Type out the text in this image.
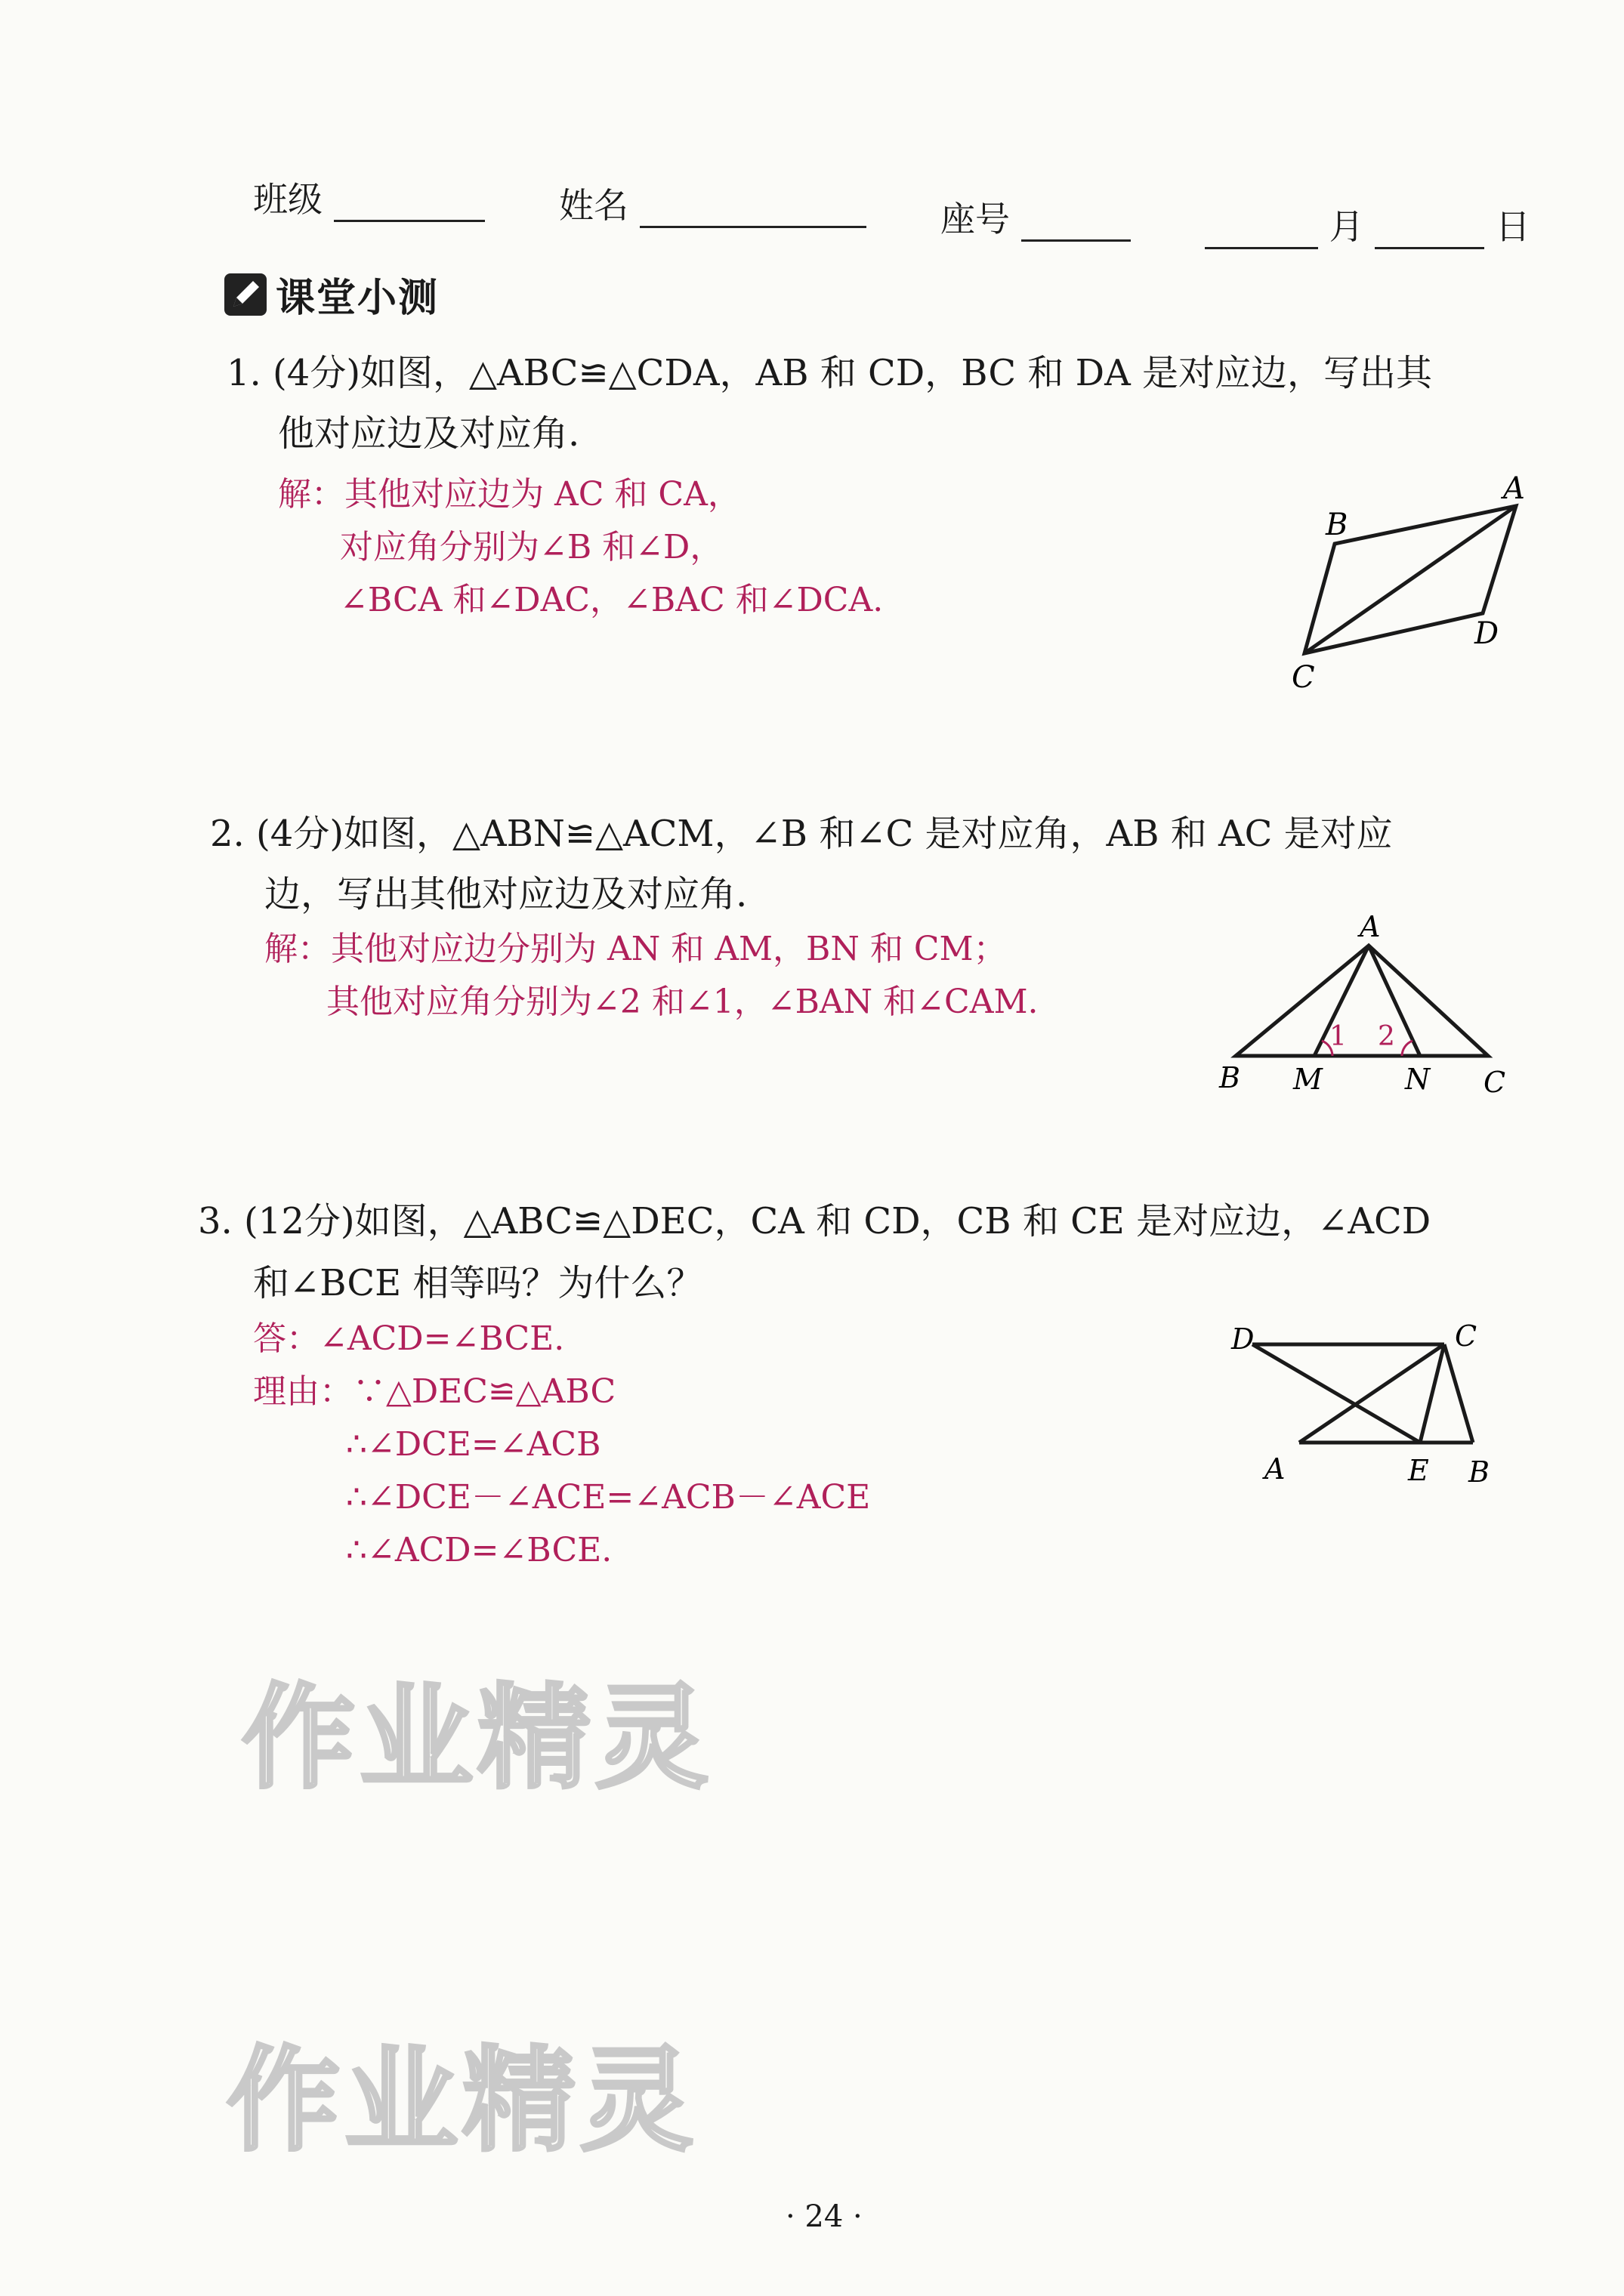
班级	姓名	座号	月	日
课堂小测
1. (4分)如图，△ABC≌△CDA，AB 和 CD，BC 和 DA 是对应边，写出其
他对应边及对应角.
解：其他对应边为 AC 和 CA，
对应角分别为∠B 和∠D，
∠BCA 和∠DAC，∠BAC 和∠DCA.
A
B
C
D
2. (4分)如图，△ABN≌△ACM，∠B 和∠C 是对应角，AB 和 AC 是对应
边，写出其他对应边及对应角.
解：其他对应边分别为 AN 和 AM，BN 和 CM；
其他对应角分别为∠2 和∠1，∠BAN 和∠CAM.
A
B M	N C
1 2
3. (12分)如图，△ABC≌△DEC，CA 和 CD，CB 和 CE 是对应边，∠ACD
和∠BCE 相等吗？为什么？
答：∠ACD=∠BCE.
理由：∵△DEC≌△ABC
∴∠DCE=∠ACB
∴∠DCE－∠ACE=∠ACB－∠ACE
∴∠ACD=∠BCE.
D	C
A	E B
作业精灵
作业精灵
· 24 ·
